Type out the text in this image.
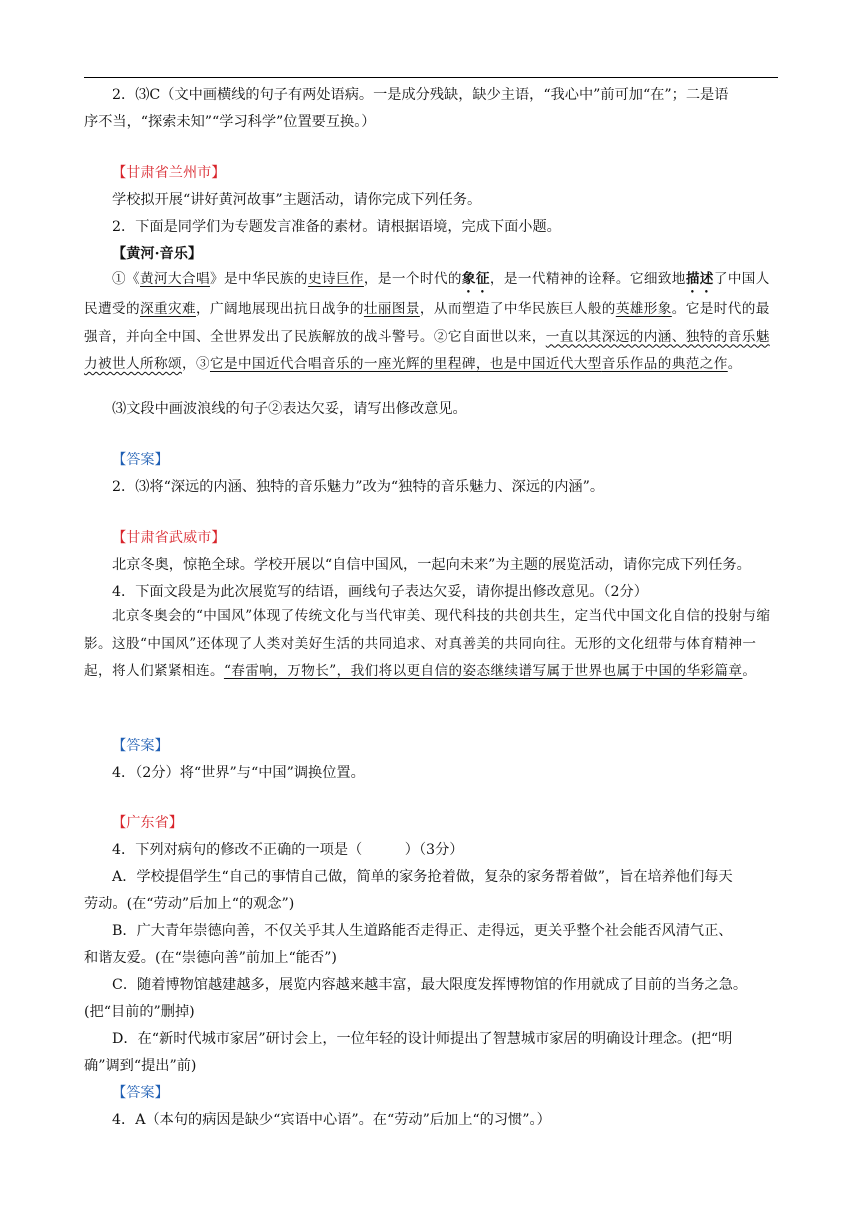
2．⑶C（文中画横线的句子有两处语病。一是成分残缺，缺少主语，“我心中”前可加“在”；二是语

序不当，“探索未知”“学习科学”位置要互换。）

【甘肃省兰州市】

学校拟开展“讲好黄河故事”主题活动，请你完成下列任务。

2．下面是同学们为专题发言准备的素材。请根据语境，完成下面小题。

【黄河·音乐】

①《黄河大合唱》是中华民族的史诗巨作，是一个时代的象征，是一代精神的诠释。它细致地描述了中国人民遭受的深重灾难，广阔地展现出抗日战争的壮丽图景，从而塑造了中华民族巨人般的英雄形象。它是时代的最强音，并向全中国、全世界发出了民族解放的战斗警号。②它自面世以来，一直以其深远的内涵、独特的音乐魅力被世人所称颂，③它是中国近代合唱音乐的一座光辉的里程碑，也是中国近代大型音乐作品的典范之作。

⑶文段中画波浪线的句子②表达欠妥，请写出修改意见。

【答案】

2．⑶将“深远的内涵、独特的音乐魅力”改为“独特的音乐魅力、深远的内涵”。

【甘肃省武威市】

北京冬奥，惊艳全球。学校开展以“自信中国风，一起向未来”为主题的展览活动，请你完成下列任务。

4．下面文段是为此次展览写的结语，画线句子表达欠妥，请你提出修改意见。（2分）

北京冬奥会的“中国风”体现了传统文化与当代审美、现代科技的共创共生，定当代中国文化自信的投射与缩影。这股“中国风”还体现了人类对美好生活的共同追求、对真善美的共同向往。无形的文化纽带与体育精神一起，将人们紧紧相连。“春雷响，万物长”，我们将以更自信的姿态继续谱写属于世界也属于中国的华彩篇章。

【答案】

4．（2分）将“世界”与“中国”调换位置。

【广东省】

4．下列对病句的修改不正确的一项是（　　　）（3分）

A．学校提倡学生“自己的事情自己做，简单的家务抢着做，复杂的家务帮着做”，旨在培养他们每天

劳动。(在“劳动”后加上“的观念”)

B．广大青年崇德向善，不仅关乎其人生道路能否走得正、走得远，更关乎整个社会能否风清气正、

和谐友爱。(在“崇德向善”前加上“能否”)

C．随着博物馆越建越多，展览内容越来越丰富，最大限度发挥博物馆的作用就成了目前的当务之急。

(把“目前的”删掉)

D．在“新时代城市家居”研讨会上，一位年轻的设计师提出了智慧城市家居的明确设计理念。(把“明

确”调到“提出”前)

【答案】

4．A（本句的病因是缺少“宾语中心语”。在“劳动”后加上“的习惯”。）
